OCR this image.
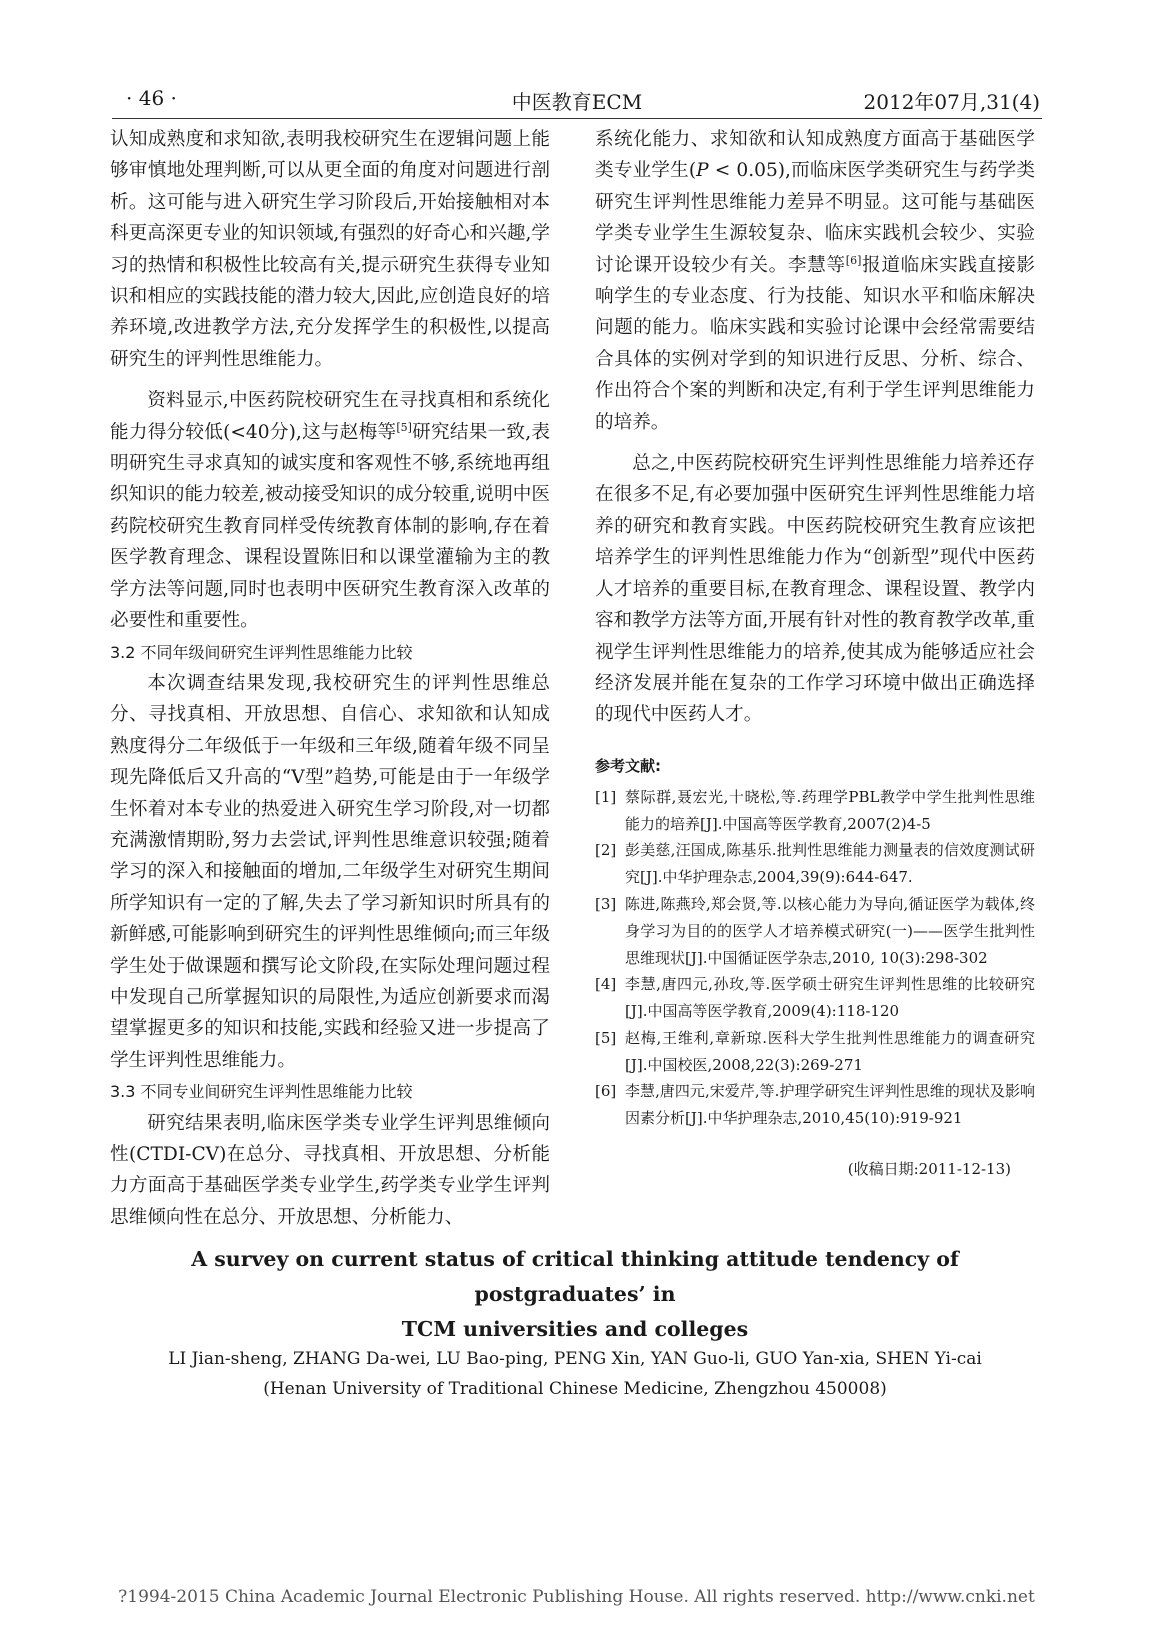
· 46 ·	中医教育ECM	2012年07月,31(4)

认知成熟度和求知欲,表明我校研究生在逻辑问题上能够审慎地处理判断,可以从更全面的角度对问题进行剖析。这可能与进入研究生学习阶段后,开始接触相对本科更高深更专业的知识领域,有强烈的好奇心和兴趣,学习的热情和积极性比较高有关,提示研究生获得专业知识和相应的实践技能的潜力较大,因此,应创造良好的培养环境,改进教学方法,充分发挥学生的积极性,以提高研究生的评判性思维能力。

资料显示,中医药院校研究生在寻找真相和系统化能力得分较低(<40分),这与赵梅等[5]研究结果一致,表明研究生寻求真知的诚实度和客观性不够,系统地再组织知识的能力较差,被动接受知识的成分较重,说明中医药院校研究生教育同样受传统教育体制的影响,存在着医学教育理念、课程设置陈旧和以课堂灌输为主的教学方法等问题,同时也表明中医研究生教育深入改革的必要性和重要性。

3.2 不同年级间研究生评判性思维能力比较

本次调查结果发现,我校研究生的评判性思维总分、寻找真相、开放思想、自信心、求知欲和认知成熟度得分二年级低于一年级和三年级,随着年级不同呈现先降低后又升高的“V型”趋势,可能是由于一年级学生怀着对本专业的热爱进入研究生学习阶段,对一切都充满激情期盼,努力去尝试,评判性思维意识较强;随着学习的深入和接触面的增加,二年级学生对研究生期间所学知识有一定的了解,失去了学习新知识时所具有的新鲜感,可能影响到研究生的评判性思维倾向;而三年级学生处于做课题和撰写论文阶段,在实际处理问题过程中发现自己所掌握知识的局限性,为适应创新要求而渴望掌握更多的知识和技能,实践和经验又进一步提高了学生评判性思维能力。

3.3 不同专业间研究生评判性思维能力比较

研究结果表明,临床医学类专业学生评判思维倾向性(CTDI-CV)在总分、寻找真相、开放思想、分析能力方面高于基础医学类专业学生,药学类专业学生评判思维倾向性在总分、开放思想、分析能力、

系统化能力、求知欲和认知成熟度方面高于基础医学类专业学生(P < 0.05),而临床医学类研究生与药学类研究生评判性思维能力差异不明显。这可能与基础医学类专业学生生源较复杂、临床实践机会较少、实验讨论课开设较少有关。李慧等[6]报道临床实践直接影响学生的专业态度、行为技能、知识水平和临床解决问题的能力。临床实践和实验讨论课中会经常需要结合具体的实例对学到的知识进行反思、分析、综合、作出符合个案的判断和决定,有利于学生评判思维能力的培养。

总之,中医药院校研究生评判性思维能力培养还存在很多不足,有必要加强中医研究生评判性思维能力培养的研究和教育实践。中医药院校研究生教育应该把培养学生的评判性思维能力作为“创新型”现代中医药人才培养的重要目标,在教育理念、课程设置、教学内容和教学方法等方面,开展有针对性的教育教学改革,重视学生评判性思维能力的培养,使其成为能够适应社会经济发展并能在复杂的工作学习环境中做出正确选择的现代中医药人才。

参考文献:
[1] 蔡际群,聂宏光,十晓松,等.药理学PBL教学中学生批判性思维能力的培养[J].中国高等医学教育,2007(2)4-5
[2] 彭美慈,汪国成,陈基乐.批判性思维能力测量表的信效度测试研究[J].中华护理杂志,2004,39(9):644-647.
[3] 陈进,陈燕玲,郑会贤,等.以核心能力为导向,循证医学为载体,终身学习为目的的医学人才培养模式研究(一)——医学生批判性思维现状[J].中国循证医学杂志,2010, 10(3):298-302
[4] 李慧,唐四元,孙玫,等.医学硕士研究生评判性思维的比较研究[J].中国高等医学教育,2009(4):118-120
[5] 赵梅,王维利,章新琼.医科大学生批判性思维能力的调查研究[J].中国校医,2008,22(3):269-271
[6] 李慧,唐四元,宋爱芹,等.护理学研究生评判性思维的现状及影响因素分析[J].中华护理杂志,2010,45(10):919-921
(收稿日期:2011-12-13)
A survey on current status of critical thinking attitude tendency of postgraduates’ in
TCM universities and colleges
LI Jian-sheng, ZHANG Da-wei, LU Bao-ping, PENG Xin, YAN Guo-li, GUO Yan-xia, SHEN Yi-cai
(Henan University of Traditional Chinese Medicine, Zhengzhou 450008)
?1994-2015 China Academic Journal Electronic Publishing House. All rights reserved. http://www.cnki.net
